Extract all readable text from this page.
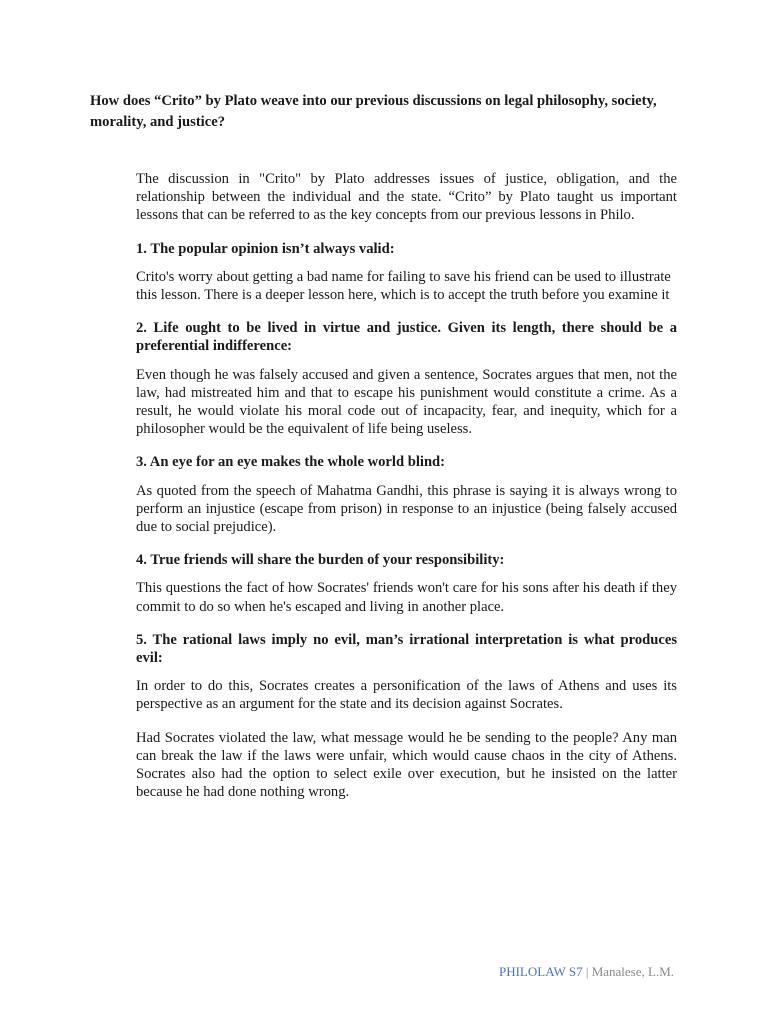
How does “Crito” by Plato weave into our previous discussions on legal philosophy, society, morality, and justice?

The discussion in "Crito" by Plato addresses issues of justice, obligation, and the relationship between the individual and the state. “Crito” by Plato taught us important lessons that can be referred to as the key concepts from our previous lessons in Philo.

1. The popular opinion isn’t always valid:

Crito's worry about getting a bad name for failing to save his friend can be used to illustrate this lesson. There is a deeper lesson here, which is to accept the truth before you examine it

2. Life ought to be lived in virtue and justice. Given its length, there should be a preferential indifference:

Even though he was falsely accused and given a sentence, Socrates argues that men, not the law, had mistreated him and that to escape his punishment would constitute a crime. As a result, he would violate his moral code out of incapacity, fear, and inequity, which for a philosopher would be the equivalent of life being useless.

3. An eye for an eye makes the whole world blind:

As quoted from the speech of Mahatma Gandhi, this phrase is saying it is always wrong to perform an injustice (escape from prison) in response to an injustice (being falsely accused due to social prejudice).

4. True friends will share the burden of your responsibility:

This questions the fact of how Socrates' friends won't care for his sons after his death if they commit to do so when he's escaped and living in another place.

5. The rational laws imply no evil, man’s irrational interpretation is what produces evil:

In order to do this, Socrates creates a personification of the laws of Athens and uses its perspective as an argument for the state and its decision against Socrates.

Had Socrates violated the law, what message would he be sending to the people? Any man can break the law if the laws were unfair, which would cause chaos in the city of Athens. Socrates also had the option to select exile over execution, but he insisted on the latter because he had done nothing wrong.

PHILOLAW S7 | Manalese, L.M.
